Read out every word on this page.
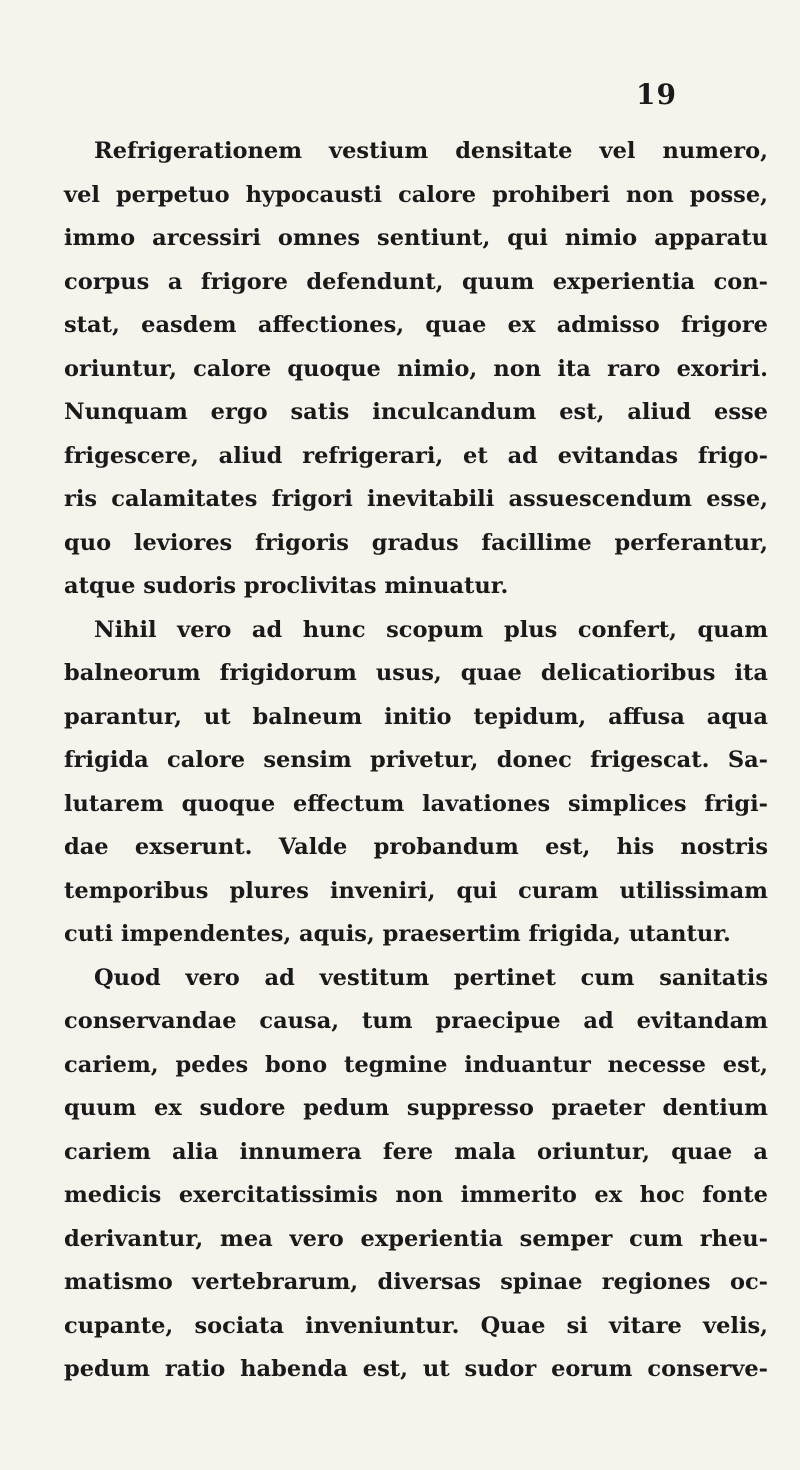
19
Refrigerationem vestium densitate vel numero,
vel perpetuo hypocausti calore prohiberi non posse,
immo arcessiri omnes sentiunt, qui nimio apparatu
corpus a frigore defendunt, quum experientia con-
stat, easdem affectiones, quae ex admisso frigore
oriuntur, calore quoque nimio, non ita raro exoriri.
Nunquam ergo satis inculcandum est, aliud esse
frigescere, aliud refrigerari, et ad evitandas frigo-
ris calamitates frigori inevitabili assuescendum esse,
quo leviores frigoris gradus facillime perferantur,
atque sudoris proclivitas minuatur.
Nihil vero ad hunc scopum plus confert, quam
balneorum frigidorum usus, quae delicatioribus ita
parantur, ut balneum initio tepidum, affusa aqua
frigida calore sensim privetur, donec frigescat. Sa-
lutarem quoque effectum lavationes simplices frigi-
dae exserunt. Valde probandum est, his nostris
temporibus plures inveniri, qui curam utilissimam
cuti impendentes, aquis, praesertim frigida, utantur.
Quod vero ad vestitum pertinet cum sanitatis
conservandae causa, tum praecipue ad evitandam
cariem, pedes bono tegmine induantur necesse est,
quum ex sudore pedum suppresso praeter dentium
cariem alia innumera fere mala oriuntur, quae a
medicis exercitatissimis non immerito ex hoc fonte
derivantur, mea vero experientia semper cum rheu-
matismo vertebrarum, diversas spinae regiones oc-
cupante, sociata inveniuntur. Quae si vitare velis,
pedum ratio habenda est, ut sudor eorum conserve-
